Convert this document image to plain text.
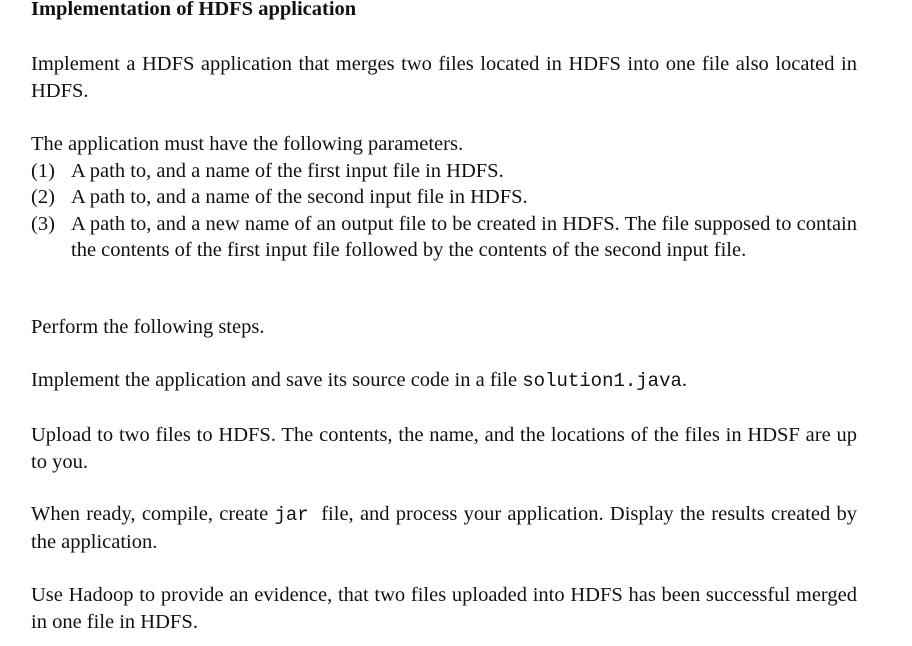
Implementation of HDFS application

Implement a HDFS application that merges two files located in HDFS into one file also located in HDFS.

The application must have the following parameters.

(1) A path to, and a name of the first input file in HDFS.
(2) A path to, and a name of the second input file in HDFS.
(3) A path to, and a new name of an output file to be created in HDFS. The file supposed to contain the contents of the first input file followed by the contents of the second input file.

Perform the following steps.

Implement the application and save its source code in a file solution1.java.

Upload to two files to HDFS. The contents, the name, and the locations of the files in HDSF are up to you.

When ready, compile, create jar  file, and process your application. Display the results created by the application.

Use Hadoop to provide an evidence, that two files uploaded into HDFS has been successful merged in one file in HDFS.
